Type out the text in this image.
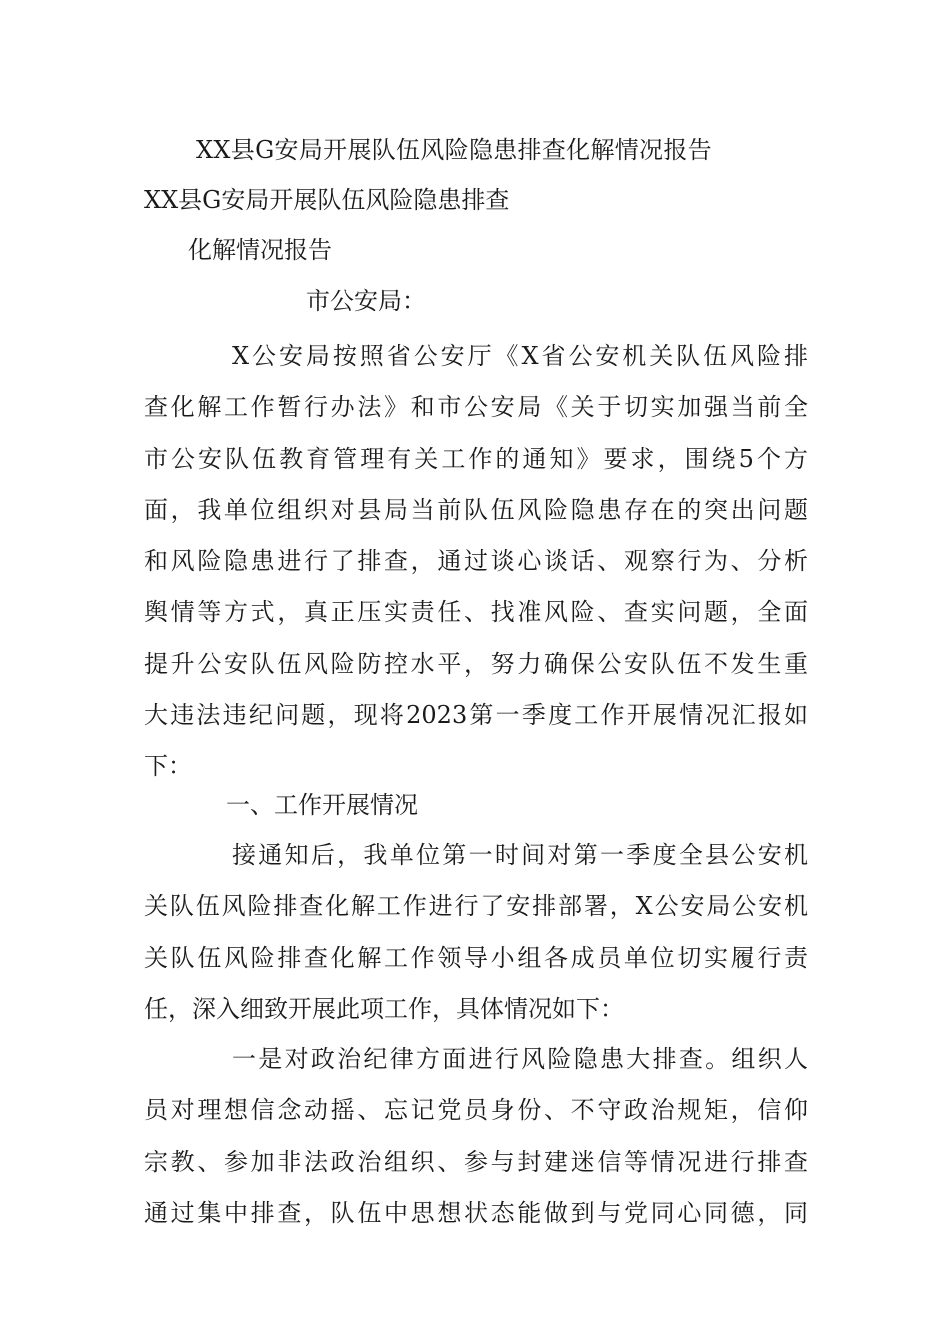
XX县G安局开展队伍风险隐患排查化解情况报告
XX县G安局开展队伍风险隐患排查
化解情况报告
市公安局：
X公安局按照省公安厅《X省公安机关队伍风险排
查化解工作暂行办法》和市公安局《关于切实加强当前全
市公安队伍教育管理有关工作的通知》要求，围绕5个方
面，我单位组织对县局当前队伍风险隐患存在的突出问题
和风险隐患进行了排查，通过谈心谈话、观察行为、分析
舆情等方式，真正压实责任、找准风险、查实问题，全面
提升公安队伍风险防控水平，努力确保公安队伍不发生重
大违法违纪问题，现将2023第一季度工作开展情况汇报如
下：
一、工作开展情况
接通知后，我单位第一时间对第一季度全县公安机
关队伍风险排查化解工作进行了安排部署，X公安局公安机
关队伍风险排查化解工作领导小组各成员单位切实履行责
任，深入细致开展此项工作，具体情况如下：
一是对政治纪律方面进行风险隐患大排查。组织人
员对理想信念动摇、忘记党员身份、不守政治规矩，信仰
宗教、参加非法政治组织、参与封建迷信等情况进行排查
通过集中排查，队伍中思想状态能做到与党同心同德，同
